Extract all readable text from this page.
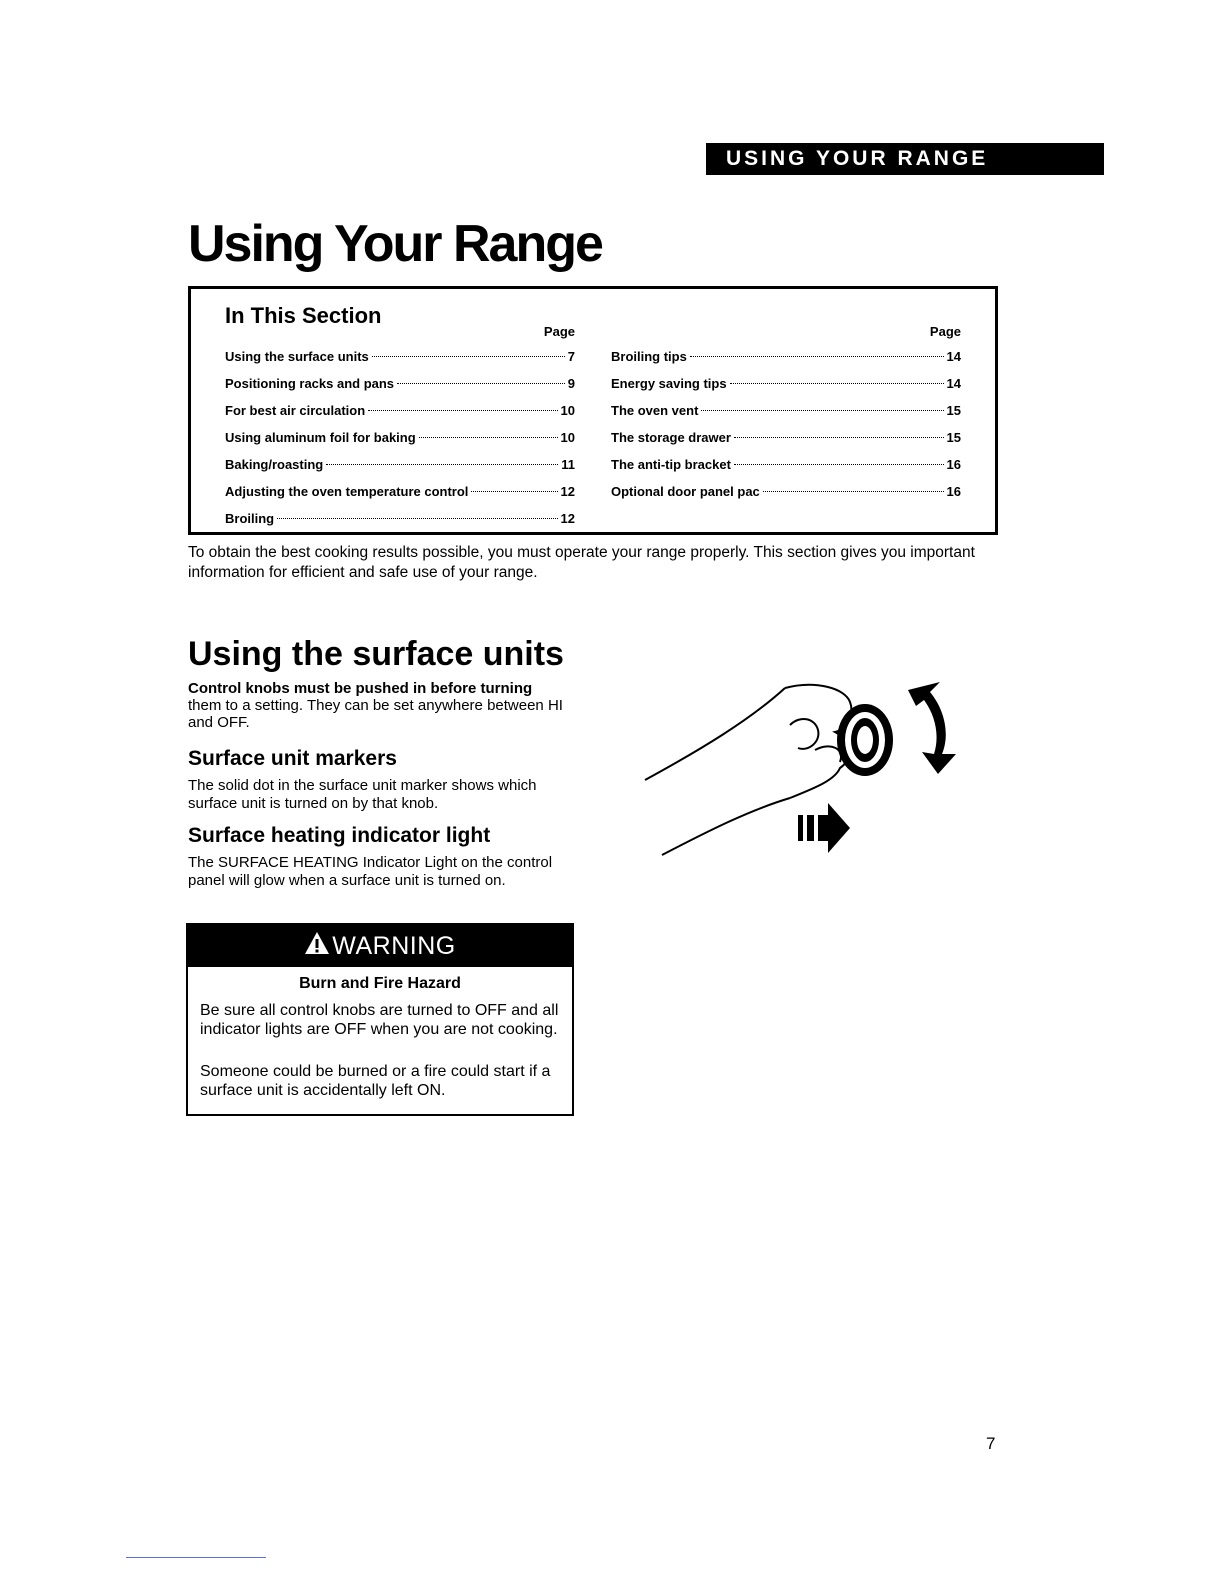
USING YOUR RANGE
Using Your Range
In This Section
Page
Using the surface units	7
Positioning racks and pans	9
For best air circulation	10
Using aluminum foil for baking	10
Baking/roasting	11
Adjusting the oven temperature control	12
Broiling	12
Page
Broiling tips	14
Energy saving tips	14
The oven vent	15
The storage drawer	15
The anti-tip bracket	16
Optional door panel pac	16

To obtain the best cooking results possible, you must operate your range properly. This section gives you important information for efficient and safe use of your range.

Using the surface units

Control knobs must be pushed in before turning them to a setting. They can be set anywhere between HI and OFF.

Surface unit markers

The solid dot in the surface unit marker shows which surface unit is turned on by that knob.

Surface heating indicator light

The SURFACE HEATING Indicator Light on the control panel will glow when a surface unit is turned on.

WARNING
Burn and Fire Hazard

Be sure all control knobs are turned to OFF and all indicator lights are OFF when you are not cooking.

Someone could be burned or a fire could start if a surface unit is accidentally left ON.

7
